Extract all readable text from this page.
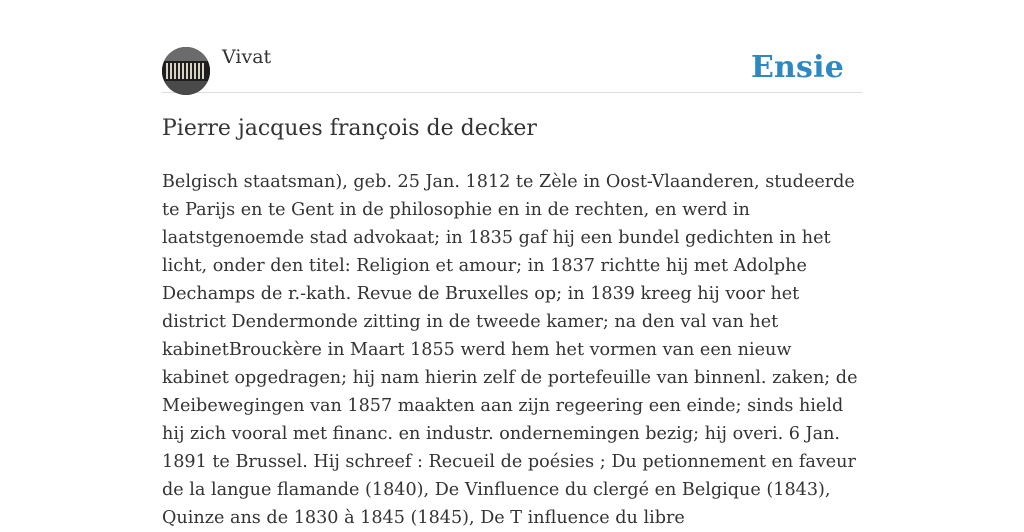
Vivat	Ensie
Pierre jacques françois de decker

Belgisch staatsman), geb. 25 Jan. 1812 te Zèle in Oost-Vlaanderen, studeerde te Parijs en te Gent in de philosophie en in de rechten, en werd in laatstgenoemde stad advokaat; in 1835 gaf hij een bundel gedichten in het licht, onder den titel: Religion et amour; in 1837 richtte hij met Adolphe Dechamps de r.-kath. Revue de Bruxelles op; in 1839 kreeg hij voor het district Dendermonde zitting in de tweede kamer; na den val van het kabinetBrouckère in Maart 1855 werd hem het vormen van een nieuw kabinet opgedragen; hij nam hierin zelf de portefeuille van binnenl. zaken; de Meibewegingen van 1857 maakten aan zijn regeering een einde; sinds hield hij zich vooral met financ. en industr. ondernemingen bezig; hij overi. 6 Jan. 1891 te Brussel. Hij schreef : Recueil de poésies ; Du petionnement en faveur de la langue flamande (1840), De Vinfluence du clergé en Belgique (1843), Quinze ans de 1830 à 1845 (1845), De T influence du libre
